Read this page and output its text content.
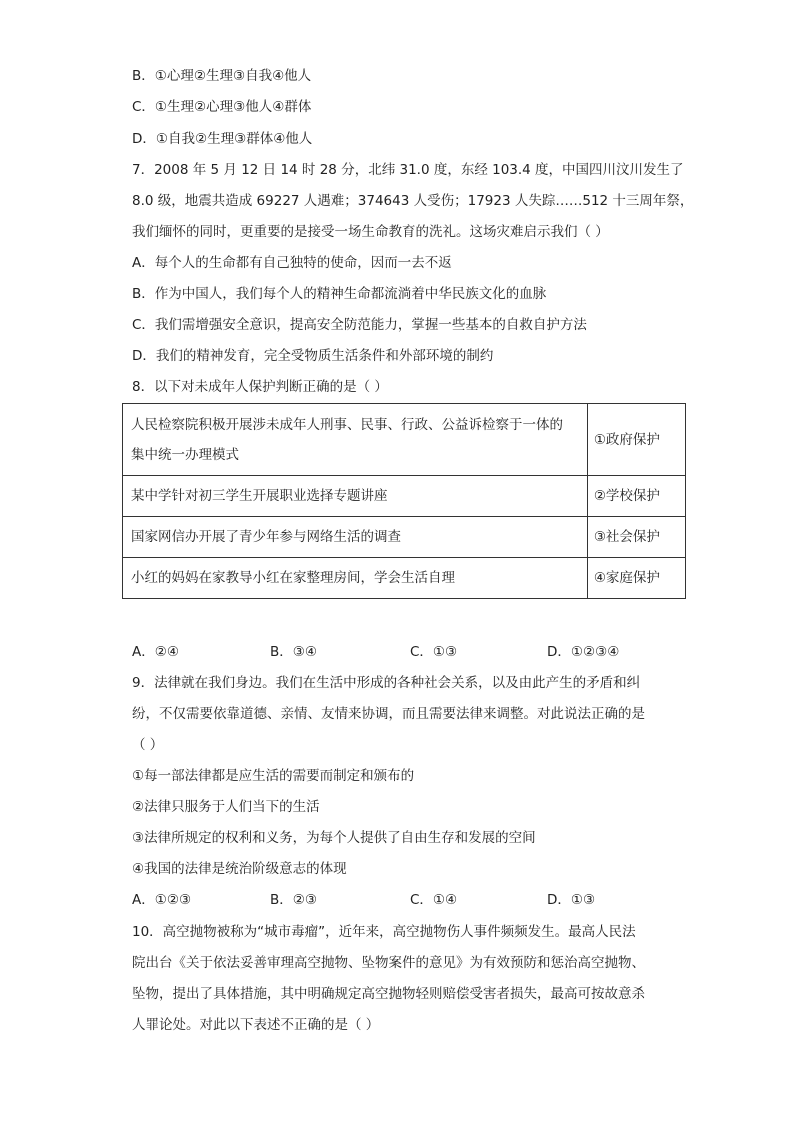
B．①心理②生理③自我④他人
C．①生理②心理③他人④群体
D．①自我②生理③群体④他人
7．2008 年 5 月 12 日 14 时 28 分，北纬 31.0 度，东经 103.4 度，中国四川汶川发生了
8.0 级，地震共造成 69227 人遇难；374643 人受伤；17923 人失踪……512 十三周年祭，
我们缅怀的同时，更重要的是接受一场生命教育的洗礼。这场灾难启示我们（ ）
A．每个人的生命都有自己独特的使命，因而一去不返
B．作为中国人，我们每个人的精神生命都流淌着中华民族文化的血脉
C．我们需增强安全意识，提高安全防范能力，掌握一些基本的自救自护方法
D．我们的精神发育，完全受物质生活条件和外部环境的制约
8．以下对未成年人保护判断正确的是（ ）
人民检察院积极开展涉未成年人刑事、民事、行政、公益诉检察于一体的
集中统一办理模式	①政府保护
某中学针对初三学生开展职业选择专题讲座	②学校保护
国家网信办开展了青少年参与网络生活的调查	③社会保护
小红的妈妈在家教导小红在家整理房间，学会生活自理	④家庭保护
A．②④	B．③④	C．①③	D．①②③④
9．法律就在我们身边。我们在生活中形成的各种社会关系，以及由此产生的矛盾和纠
纷，不仅需要依靠道德、亲情、友情来协调，而且需要法律来调整。对此说法正确的是
（ ）
①每一部法律都是应生活的需要而制定和颁布的
②法律只服务于人们当下的生活
③法律所规定的权利和义务，为每个人提供了自由生存和发展的空间
④我国的法律是统治阶级意志的体现
A．①②③	B．②③	C．①④	D．①③
10．高空抛物被称为“城市毒瘤”，近年来，高空抛物伤人事件频频发生。最高人民法
院出台《关于依法妥善审理高空抛物、坠物案件的意见》为有效预防和惩治高空抛物、
坠物，提出了具体措施，其中明确规定高空抛物轻则赔偿受害者损失，最高可按故意杀
人罪论处。对此以下表述不正确的是（ ）
